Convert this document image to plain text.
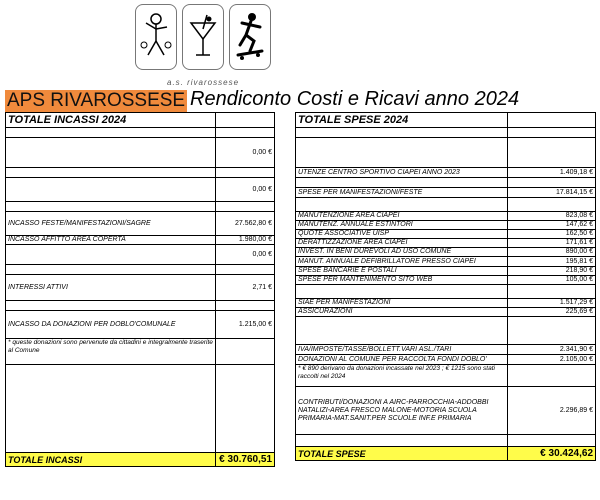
a.s. rivarossese
APS RIVAROSSESE Rendiconto Costi e Ricavi anno 2024
TOTALE INCASSI 2024	

	0,00 €

	0,00 €

INCASSO FESTE/MANIFESTAZIONI/SAGRE	27.562,80 €
INCASSO AFFITTO AREA COPERTA	1.980,00 €
	0,00 €

INTERESSI ATTIVI	2,71 €

INCASSO DA DONAZIONI PER DOBLO'COMUNALE	1.215,00 €
* queste donazioni sono pervenute da cittadini e integralmente traserite al Comune	

TOTALE INCASSI	€ 30.760,51
TOTALE SPESE 2024	

UTENZE CENTRO SPORTIVO CIAPEI ANNO 2023	1.409,18 €

SPESE PER MANIFESTAZIONI/FESTE	17.814,15 €

MANUTENZIONE AREA CIAPEI	823,08 €
MANUTENZ. ANNUALE ESTINTORI	147,62 €
QUOTE ASSOCIATIVE UISP	162,50 €
DERATTIZZAZIONE AREA CIAPEI	171,61 €
INVEST. IN BENI DUREVOLI AD USO COMUNE	890,00 €
MANUT. ANNUALE DEFIBRILLATORE PRESSO CIAPEI	195,81 €
SPESE BANCARIE E POSTALI	218,90 €
SPESE PER MANTENIMENTO SITO WEB	105,00 €

SIAE PER MANIFESTAZIONI	1.517,29 €
ASSICURAZIONI	225,69 €

IVA/IMPOSTE/TASSE/BOLLETT.VARI ASL./TARI	2.341,90 €
DONAZIONI AL COMUNE PER RACCOLTA FONDI DOBLO'	2.105,00 €
* € 890 derivano da donazioni incassate nel 2023 ; € 1215 sono stati raccolti nel 2024	
CONTRIBUTI/DONAZIONI A AIRC-PARROCCHIA-ADDOBBI NATALIZI-AREA FRESCO MALONE-MOTORIA SCUOLA PRIMARIA-MAT.SANIT.PER SCUOLE INF.E PRIMARIA	2.296,89 €

TOTALE SPESE	€ 30.424,62
